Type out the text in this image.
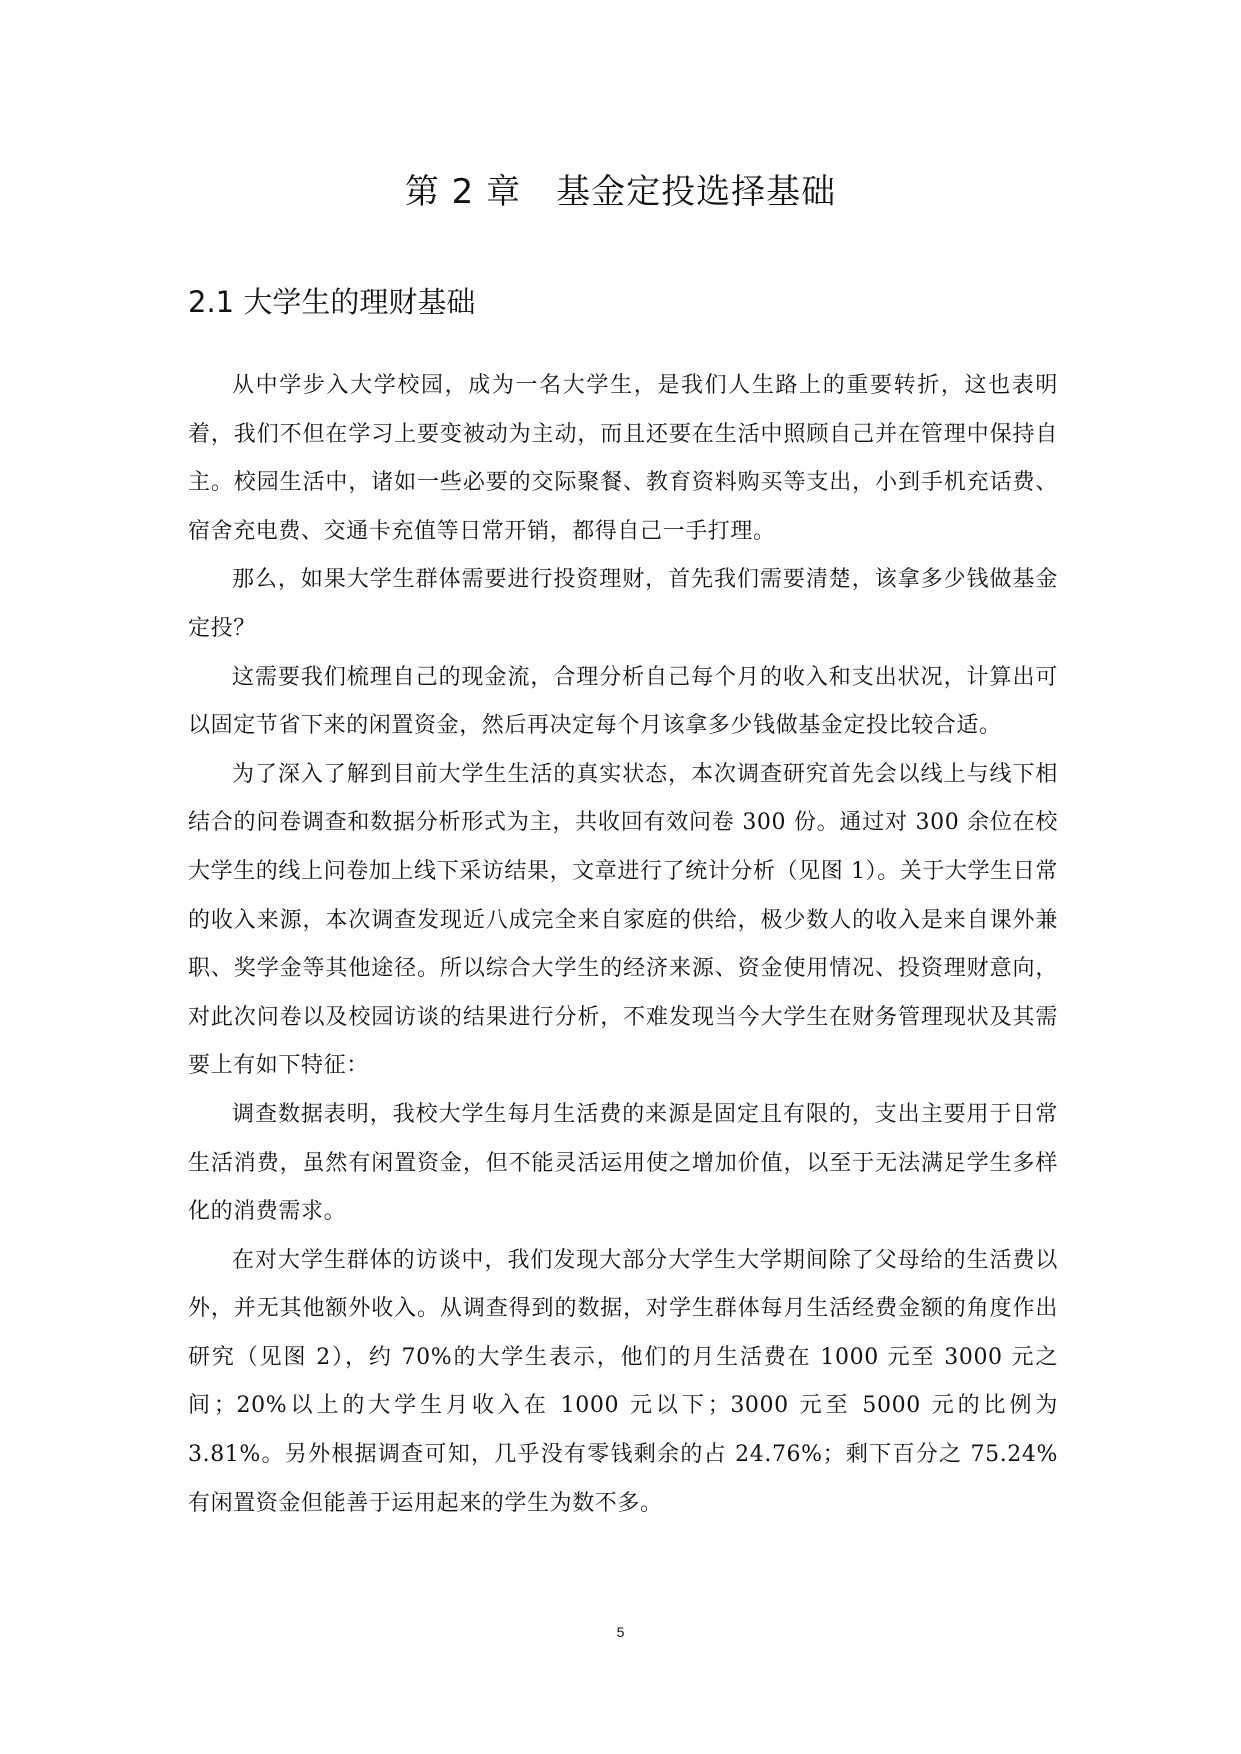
第 2 章　基金定投选择基础
2.1 大学生的理财基础

从中学步入大学校园，成为一名大学生，是我们人生路上的重要转折，这也表明着，我们不但在学习上要变被动为主动，而且还要在生活中照顾自己并在管理中保持自主。校园生活中，诸如一些必要的交际聚餐、教育资料购买等支出，小到手机充话费、宿舍充电费、交通卡充值等日常开销，都得自己一手打理。

那么，如果大学生群体需要进行投资理财，首先我们需要清楚，该拿多少钱做基金定投？

这需要我们梳理自己的现金流，合理分析自己每个月的收入和支出状况，计算出可以固定节省下来的闲置资金，然后再决定每个月该拿多少钱做基金定投比较合适。

为了深入了解到目前大学生生活的真实状态，本次调查研究首先会以线上与线下相结合的问卷调查和数据分析形式为主，共收回有效问卷 300 份。通过对 300 余位在校大学生的线上问卷加上线下采访结果，文章进行了统计分析（见图 1）。关于大学生日常的收入来源，本次调查发现近八成完全来自家庭的供给，极少数人的收入是来自课外兼职、奖学金等其他途径。所以综合大学生的经济来源、资金使用情况、投资理财意向，对此次问卷以及校园访谈的结果进行分析，不难发现当今大学生在财务管理现状及其需要上有如下特征：

调查数据表明，我校大学生每月生活费的来源是固定且有限的，支出主要用于日常生活消费，虽然有闲置资金，但不能灵活运用使之增加价值，以至于无法满足学生多样化的消费需求。

在对大学生群体的访谈中，我们发现大部分大学生大学期间除了父母给的生活费以外，并无其他额外收入。从调查得到的数据，对学生群体每月生活经费金额的角度作出研究（见图 2），约 70%的大学生表示，他们的月生活费在 1000 元至 3000 元之间；20%以上的大学生月收入在 1000 元以下；3000 元至 5000 元的比例为 3.81%。另外根据调查可知，几乎没有零钱剩余的占 24.76%；剩下百分之 75.24%有闲置资金但能善于运用起来的学生为数不多。

5
